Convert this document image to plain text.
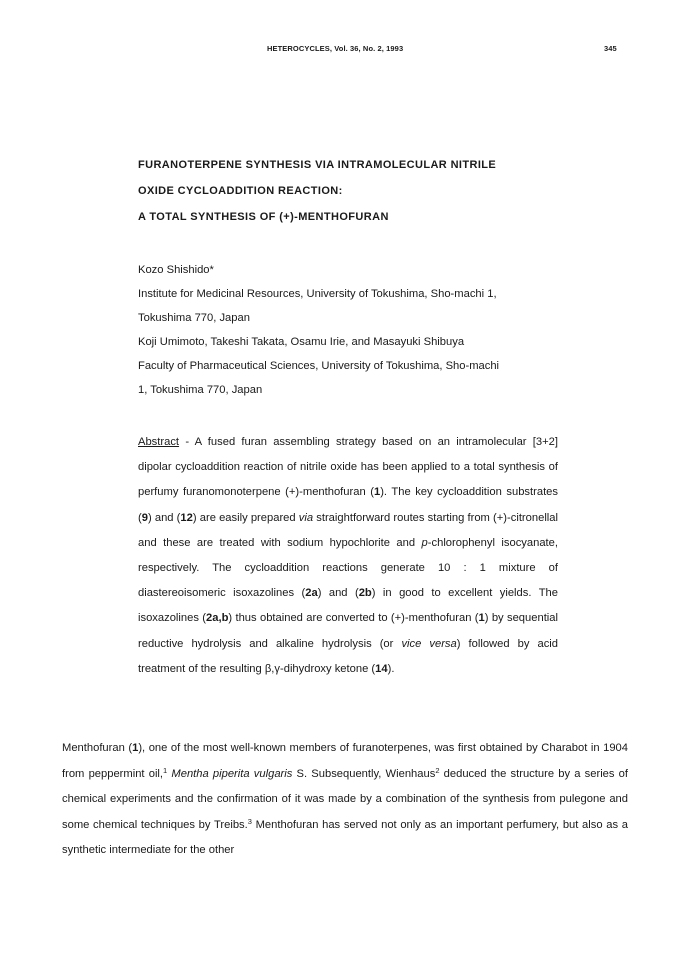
HETEROCYCLES, Vol. 36, No. 2, 1993	345
FURANOTERPENE SYNTHESIS VIA INTRAMOLECULAR NITRILE
OXIDE CYCLOADDITION REACTION:
A TOTAL SYNTHESIS OF (+)-MENTHOFURAN
Kozo Shishido*
Institute for Medicinal Resources, University of Tokushima, Sho-machi 1,
Tokushima 770, Japan
Koji Umimoto, Takeshi Takata, Osamu Irie, and Masayuki Shibuya
Faculty of Pharmaceutical Sciences, University of Tokushima, Sho-machi
1, Tokushima 770, Japan
Abstract - A fused furan assembling strategy based on an intramolecular [3+2] dipolar cycloaddition reaction of nitrile oxide has been applied to a total synthesis of perfumy furanomonoterpene (+)-menthofuran (1). The key cycloaddition substrates (9) and (12) are easily prepared via straightforward routes starting from (+)-citronellal and these are treated with sodium hypochlorite and p-chlorophenyl isocyanate, respectively. The cycloaddition reactions generate 10 : 1 mixture of diastereoisomeric isoxazolines (2a) and (2b) in good to excellent yields. The isoxazolines (2a,b) thus obtained are converted to (+)-menthofuran (1) by sequential reductive hydrolysis and alkaline hydrolysis (or vice versa) followed by acid treatment of the resulting β,γ-dihydroxy ketone (14).
Menthofuran (1), one of the most well-known members of furanoterpenes, was first obtained by Charabot in 1904 from peppermint oil,$^1$ Mentha piperita vulgaris S. Subsequently, Wienhaus$^2$ deduced the structure by a series of chemical experiments and the confirmation of it was made by a combination of the synthesis from pulegone and some chemical techniques by Treibs.$^3$ Menthofuran has served not only as an important perfumery, but also as a synthetic intermediate for the other
